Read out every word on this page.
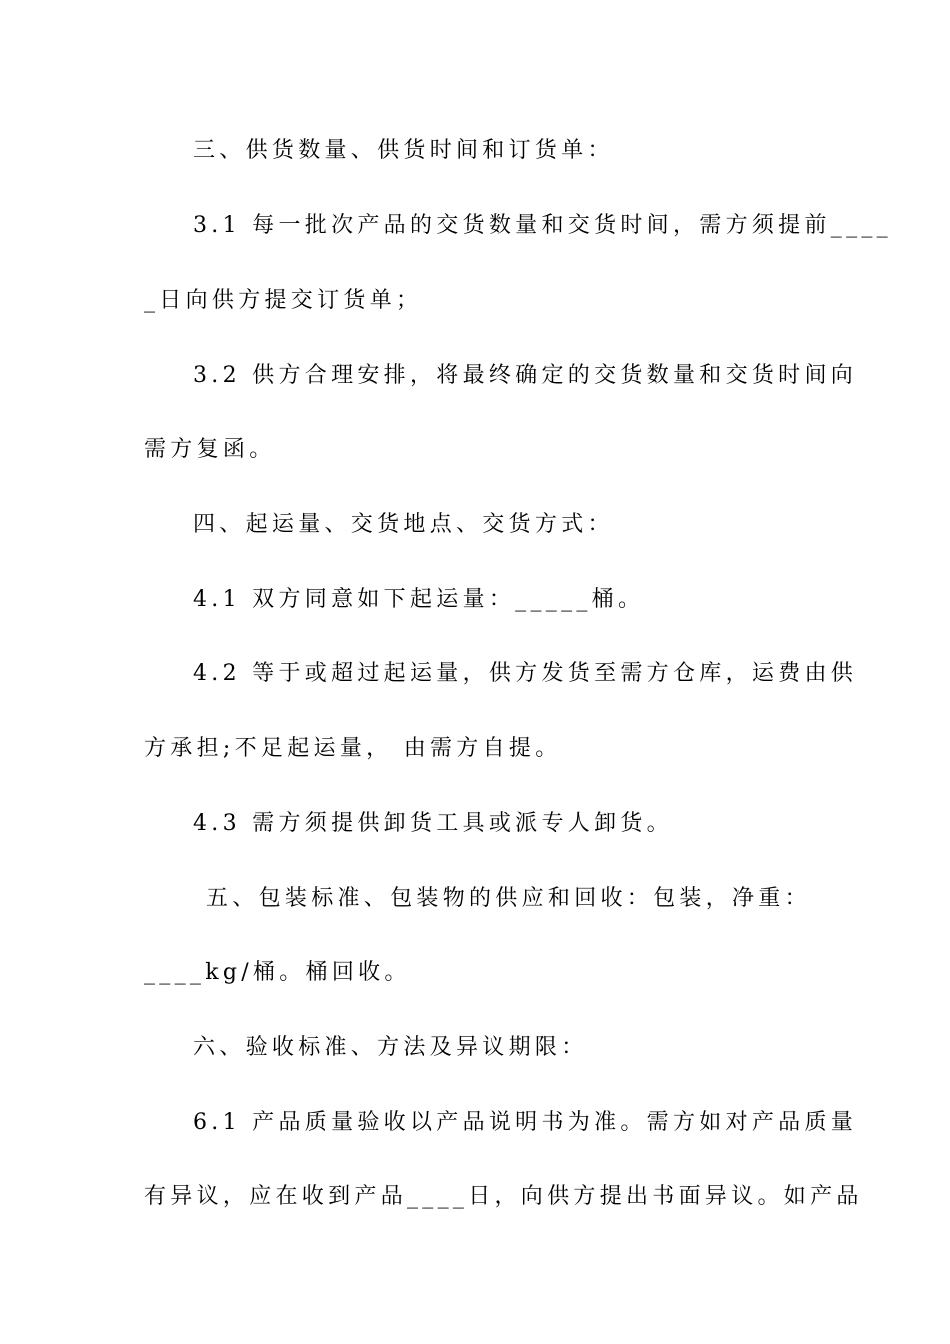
三、供货数量、供货时间和订货单：
3.1 每一批次产品的交货数量和交货时间，需方须提前____
_日向供方提交订货单；
3.2 供方合理安排，将最终确定的交货数量和交货时间向
需方复函。
四、起运量、交货地点、交货方式：
4.1 双方同意如下起运量：_____桶。
4.2 等于或超过起运量，供方发货至需方仓库，运费由供
方承担;不足起运量， 由需方自提。
4.3 需方须提供卸货工具或派专人卸货。
五、包装标准、包装物的供应和回收：包装，净重：
____kg/桶。桶回收。
六、验收标准、方法及异议期限：
6.1 产品质量验收以产品说明书为准。需方如对产品质量
有异议，应在收到产品____日，向供方提出书面异议。如产品
